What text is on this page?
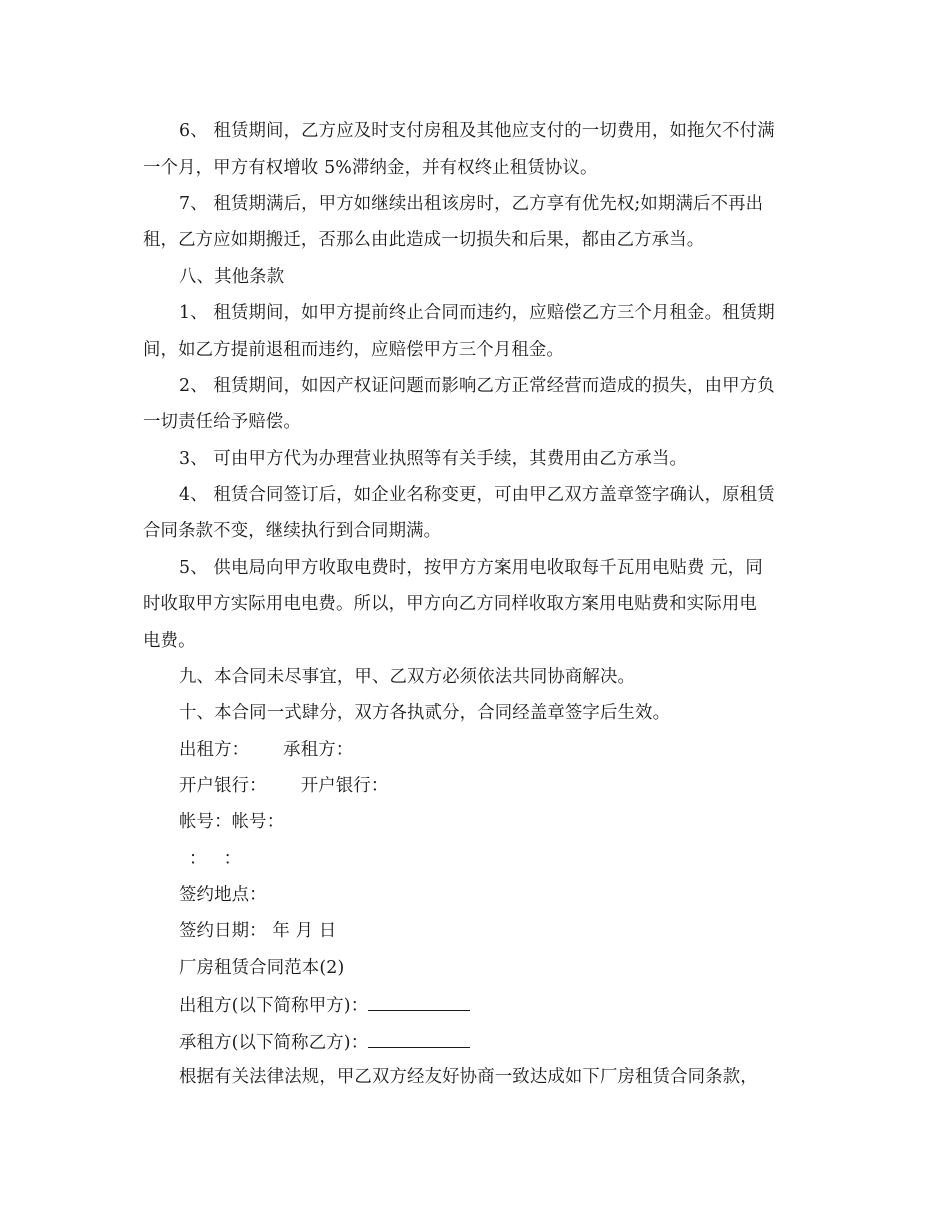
6、 租赁期间，乙方应及时支付房租及其他应支付的一切费用，如拖欠不付满
一个月，甲方有权增收 5%滞纳金，并有权终止租赁协议。
7、 租赁期满后，甲方如继续出租该房时，乙方享有优先权;如期满后不再出
租，乙方应如期搬迁，否那么由此造成一切损失和后果，都由乙方承当。
八、其他条款
1、 租赁期间，如甲方提前终止合同而违约，应赔偿乙方三个月租金。租赁期
间，如乙方提前退租而违约，应赔偿甲方三个月租金。
2、 租赁期间，如因产权证问题而影响乙方正常经营而造成的损失，由甲方负
一切责任给予赔偿。
3、 可由甲方代为办理营业执照等有关手续，其费用由乙方承当。
4、 租赁合同签订后，如企业名称变更，可由甲乙双方盖章签字确认，原租赁
合同条款不变，继续执行到合同期满。
5、 供电局向甲方收取电费时，按甲方方案用电收取每千瓦用电贴费 元，同
时收取甲方实际用电电费。所以，甲方向乙方同样收取方案用电贴费和实际用电
电费。
九、本合同未尽事宜，甲、乙双方必须依法共同协商解决。
十、本合同一式肆分，双方各执贰分，合同经盖章签字后生效。
出租方： 承租方：
开户银行： 开户银行：
帐号：帐号：
：   ：
签约地点：
签约日期： 年 月 日
厂房租赁合同范本(2)
出租方(以下简称甲方)：
承租方(以下简称乙方)：
根据有关法律法规，甲乙双方经友好协商一致达成如下厂房租赁合同条款，
